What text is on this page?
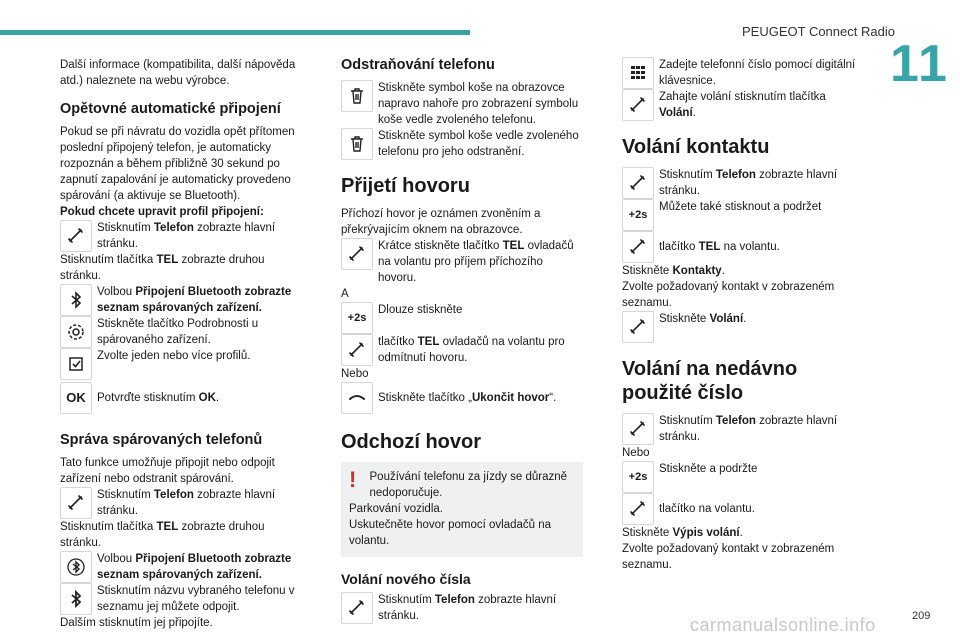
PEUGEOT Connect Radio
11

Další informace (kompatibilita, další nápověda atd.) naleznete na webu výrobce.

Opětovné automatické připojení

Pokud se při návratu do vozidla opět přítomen poslední připojený telefon, je automaticky rozpoznán a během přibližně 30 sekund po zapnutí zapalování je automaticky provedeno spárování (a aktivuje se Bluetooth).

Pokud chcete upravit profil připojení:

Stisknutím Telefon zobrazte hlavní stránku.

Stisknutím tlačítka TEL zobrazte druhou stránku.

Volbou Připojení Bluetooth zobrazte seznam spárovaných zařízení.
Stiskněte tlačítko Podrobnosti u spárovaného zařízení.
Zvolte jeden nebo více profilů.
OK Potvrďte stisknutím OK.
Správa spárovaných telefonů

Tato funkce umožňuje připojit nebo odpojit zařízení nebo odstranit spárování.

Stisknutím Telefon zobrazte hlavní stránku.

Stisknutím tlačítka TEL zobrazte druhou stránku.

Volbou Připojení Bluetooth zobrazte seznam spárovaných zařízení.
Stisknutím názvu vybraného telefonu v seznamu jej můžete odpojit.

Dalším stisknutím jej připojíte.

Odstraňování telefonu
Stiskněte symbol koše na obrazovce napravo nahoře pro zobrazení symbolu koše vedle zvoleného telefonu.
Stiskněte symbol koše vedle zvoleného telefonu pro jeho odstranění.
Přijetí hovoru

Příchozí hovor je oznámen zvoněním a překrývajícím oknem na obrazovce.

Krátce stiskněte tlačítko TEL ovladačů na volantu pro příjem příchozího hovoru.

A

+2s
Dlouze stiskněte
tlačítko TEL ovladačů na volantu pro odmítnutí hovoru.

Nebo

Stiskněte tlačítko „Ukončit hovor“.
Odchozí hovor
!	Používání telefonu za jízdy se důrazně nedoporučuje.

Parkování vozidla.

Uskutečněte hovor pomocí ovladačů na volantu.

Volání nového čísla
Stisknutím Telefon zobrazte hlavní stránku.
Zadejte telefonní číslo pomocí digitální klávesnice.
Zahajte volání stisknutím tlačítka Volání.
Volání kontaktu
Stisknutím Telefon zobrazte hlavní stránku.
+2s
Můžete také stisknout a podržet
tlačítko TEL na volantu.

Stiskněte Kontakty.

Zvolte požadovaný kontakt v zobrazeném seznamu.

Stiskněte Volání.
Volání na nedávno použité číslo
Stisknutím Telefon zobrazte hlavní stránku.

Nebo

+2s
Stiskněte a podržte
tlačítko na volantu.

Stiskněte Výpis volání.

Zvolte požadovaný kontakt v zobrazeném seznamu.

209
carmanualsonline.info
